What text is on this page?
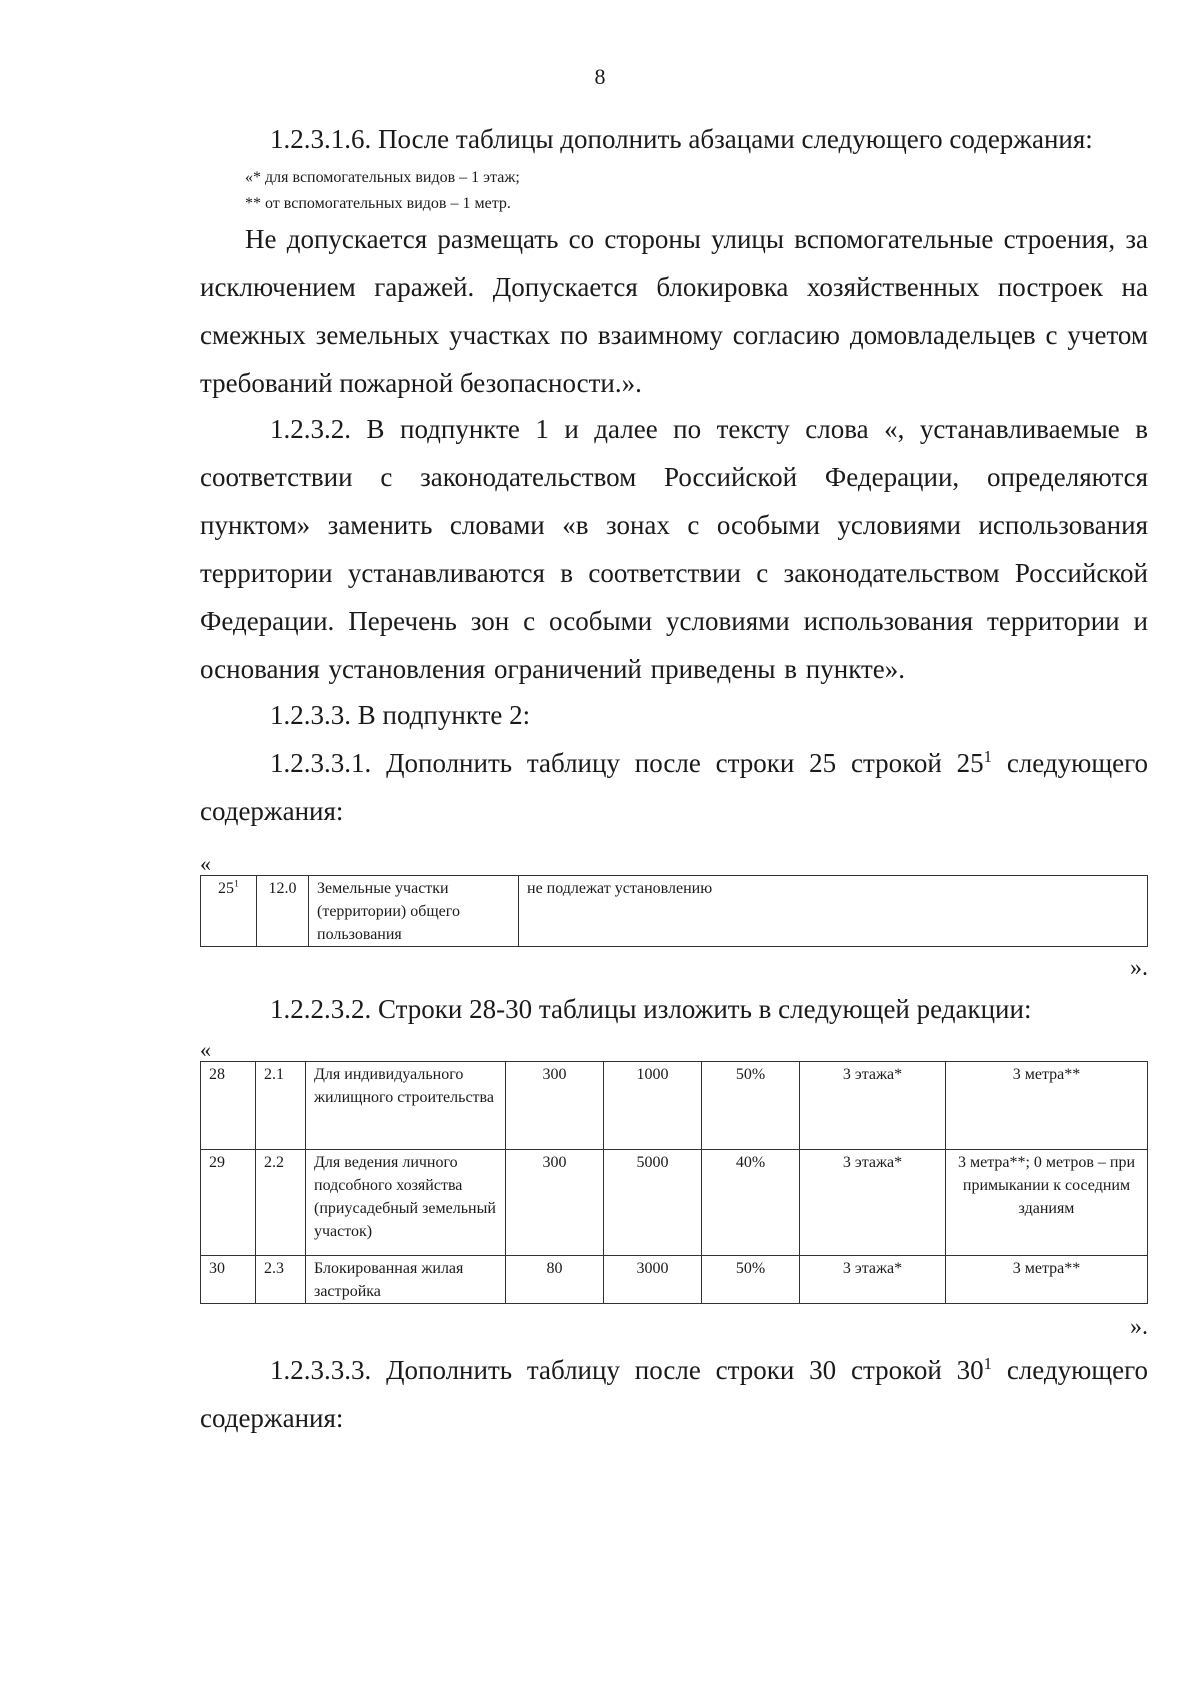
8

1.2.3.1.6. После таблицы дополнить абзацами следующего содержания:

«* для вспомогательных видов – 1 этаж;

** от вспомогательных видов – 1 метр.

Не допускается размещать со стороны улицы вспомогательные строения, за исключением гаражей. Допускается блокировка хозяйственных построек на смежных земельных участках по взаимному согласию домовладельцев с учетом требований пожарной безопасности.».

1.2.3.2. В подпункте 1 и далее по тексту слова «, устанавливаемые в соответствии с законодательством Российской Федерации, определяются пунктом» заменить словами «в зонах с особыми условиями использования территории устанавливаются в соответствии с законодательством Российской Федерации. Перечень зон с особыми условиями использования территории и основания установления ограничений приведены в пункте».

1.2.3.3. В подпункте 2:

1.2.3.3.1. Дополнить таблицу после строки 25 строкой $25^1$ следующего содержания:

«
$25^1$	12.0	Земельные участки (территории) общего пользования	не подлежат установлению
».

1.2.2.3.2. Строки 28-30 таблицы изложить в следующей редакции:

«
28	2.1	Для индивидуального жилищного строительства	300	1000	50%	3 этажа*	3 метра**
29	2.2	Для ведения личного подсобного хозяйства (приусадебный земельный участок)	300	5000	40%	3 этажа*	3 метра**; 0 метров – при примыкании к соседним зданиям
30	2.3	Блокированная жилая застройка	80	3000	50%	3 этажа*	3 метра**
».

1.2.3.3.3. Дополнить таблицу после строки 30 строкой $30^1$ следующего содержания:
